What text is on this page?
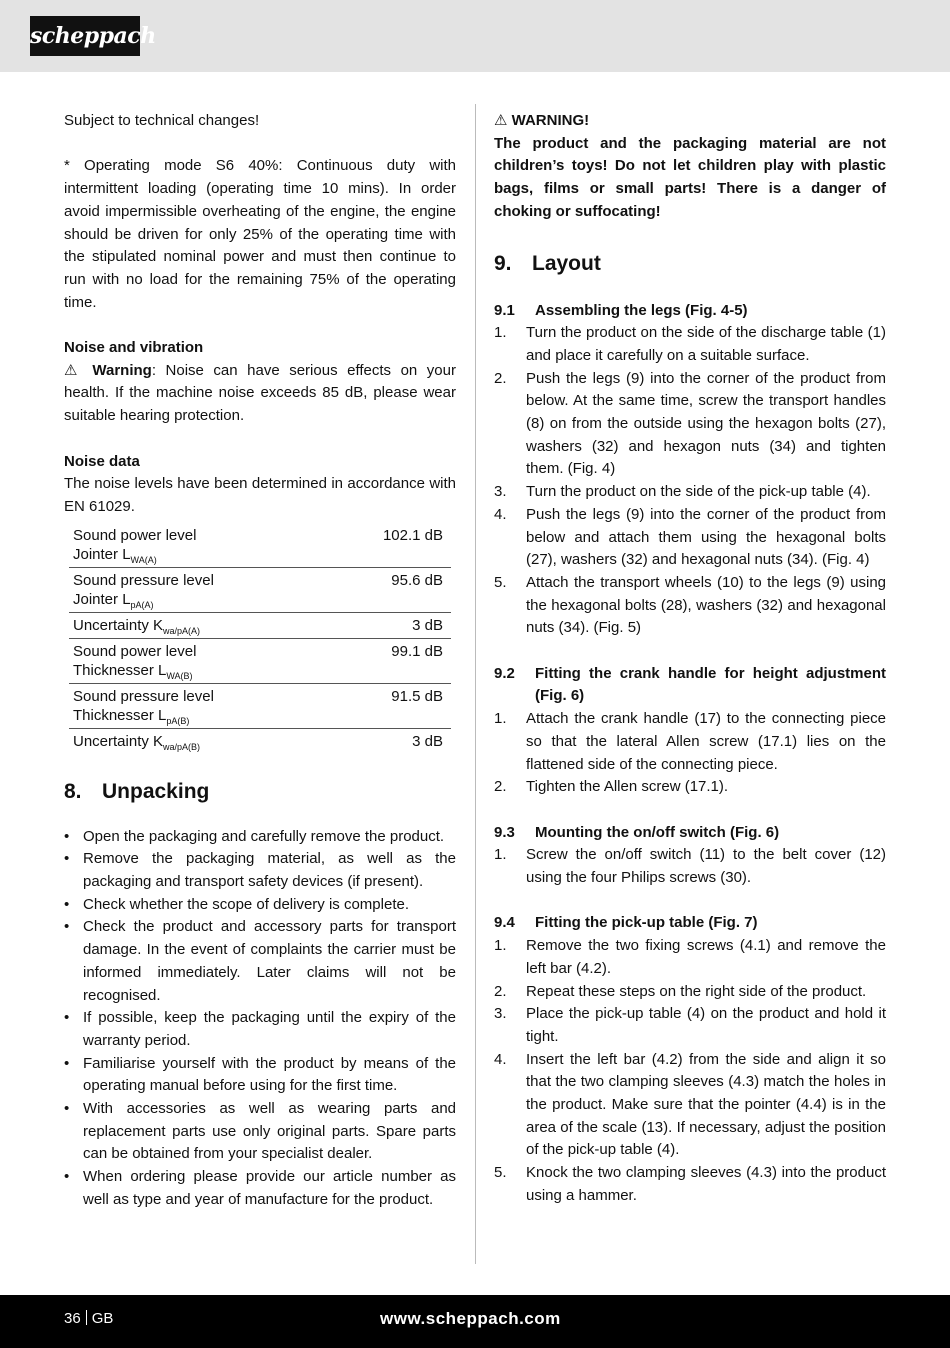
scheppach

Subject to technical changes!

* Operating mode S6 40%: Continuous duty with intermittent loading (operating time 10 mins). In order avoid impermissible overheating of the engine, the engine should be driven for only 25% of the operating time with the stipulated nominal power and must then continue to run with no load for the remaining 75% of the operating time.

Noise and vibration

⚠ Warning: Noise can have serious effects on your health. If the machine noise exceeds 85 dB, please wear suitable hearing protection.

Noise data

The noise levels have been determined in accordance with EN 61029.

Sound power level
Jointer $L_{WA(A)}$	102.1 dB
Sound pressure level
Jointer $L_{pA(A)}$	95.6 dB
Uncertainty $K_{wa/pA(A)}$	3 dB
Sound power level
Thicknesser $L_{WA(B)}$	99.1 dB
Sound pressure level
Thicknesser $L_{pA(B)}$	91.5 dB
Uncertainty $K_{wa/pA(B)}$	3 dB
8. Unpacking
• Open the packaging and carefully remove the product.
• Remove the packaging material, as well as the packaging and transport safety devices (if present).
• Check whether the scope of delivery is complete.
• Check the product and accessory parts for transport damage. In the event of complaints the carrier must be informed immediately. Later claims will not be recognised.
• If possible, keep the packaging until the expiry of the warranty period.
• Familiarise yourself with the product by means of the operating manual before using for the first time.
• With accessories as well as wearing parts and replacement parts use only original parts. Spare parts can be obtained from your specialist dealer.
• When ordering please provide our article number as well as type and year of manufacture for the product.
⚠ WARNING!

The product and the packaging material are not children’s toys! Do not let children play with plastic bags, films or small parts! There is a danger of choking or suffocating!

9. Layout
9.1	Assembling the legs (Fig. 4-5)
1.	Turn the product on the side of the discharge table (1) and place it carefully on a suitable surface.
2.	Push the legs (9) into the corner of the product from below. At the same time, screw the transport handles (8) on from the outside using the hexagon bolts (27), washers (32) and hexagon nuts (34) and tighten them. (Fig. 4)
3.	Turn the product on the side of the pick-up table (4).
4.	Push the legs (9) into the corner of the product from below and attach them using the hexagonal bolts (27), washers (32) and hexagonal nuts (34). (Fig. 4)
5.	Attach the transport wheels (10) to the legs (9) using the hexagonal bolts (28), washers (32) and hexagonal nuts (34). (Fig. 5)
9.2	Fitting the crank handle for height adjustment (Fig. 6)
1.	Attach the crank handle (17) to the connecting piece so that the lateral Allen screw (17.1) lies on the flattened side of the connecting piece.
2.	Tighten the Allen screw (17.1).
9.3	Mounting the on/off switch (Fig. 6)
1.	Screw the on/off switch (11) to the belt cover (12) using the four Philips screws (30).
9.4	Fitting the pick-up table (Fig. 7)
1.	Remove the two fixing screws (4.1) and remove the left bar (4.2).
2.	Repeat these steps on the right side of the product.
3.	Place the pick-up table (4) on the product and hold it tight.
4.	Insert the left bar (4.2) from the side and align it so that the two clamping sleeves (4.3) match the holes in the product. Make sure that the pointer (4.4) is in the area of the scale (13). If necessary, adjust the position of the pick-up table (4).
5.	Knock the two clamping sleeves (4.3) into the product using a hammer.
36 GB	www.scheppach.com
